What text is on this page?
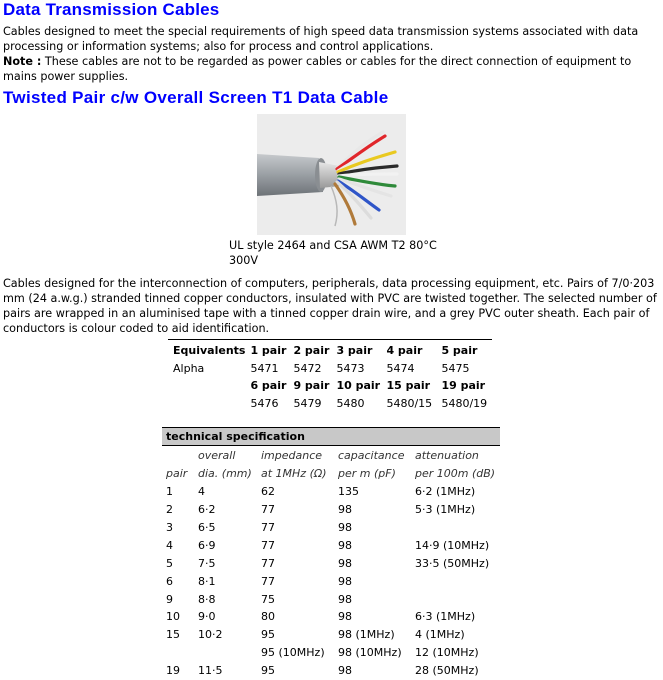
Data Transmission Cables
Cables designed to meet the special requirements of high speed data transmission systems associated with data processing or information systems; also for process and control applications.
Note : These cables are not to be regarded as power cables or cables for the direct connection of equipment to mains power supplies.
Twisted Pair c/w Overall Screen T1 Data Cable
UL style 2464 and CSA AWM T2 80°C
300V
Cables designed for the interconnection of computers, peripherals, data processing equipment, etc. Pairs of 7/0·203 mm (24 a.w.g.) stranded tinned copper conductors, insulated with PVC are twisted together. The selected number of pairs are wrapped in an aluminised tape with a tinned copper drain wire, and a grey PVC outer sheath. Each pair of conductors is colour coded to aid identification.
Equivalents	1 pair	2 pair	3 pair	4 pair	5 pair
Alpha	5471	5472	5473	5474	5475
	6 pair	9 pair	10 pair	15 pair	19 pair
	5476	5479	5480	5480/15	5480/19
technical specification
	overall	impedance	capacitance	attenuation
pair	dia. (mm)	at 1MHz (Ω)	per m (pF)	per 100m (dB)
1	4	62	135	6·2 (1MHz)
2	6·2	77	98	5·3 (1MHz)
3	6·5	77	98	
4	6·9	77	98	14·9 (10MHz)
5	7·5	77	98	33·5 (50MHz)
6	8·1	77	98	
9	8·8	75	98	
10	9·0	80	98	6·3 (1MHz)
15	10·2	95	98 (1MHz)	4 (1MHz)
		95 (10MHz)	98 (10MHz)	12 (10MHz)
19	11·5	95	98	28 (50MHz)
